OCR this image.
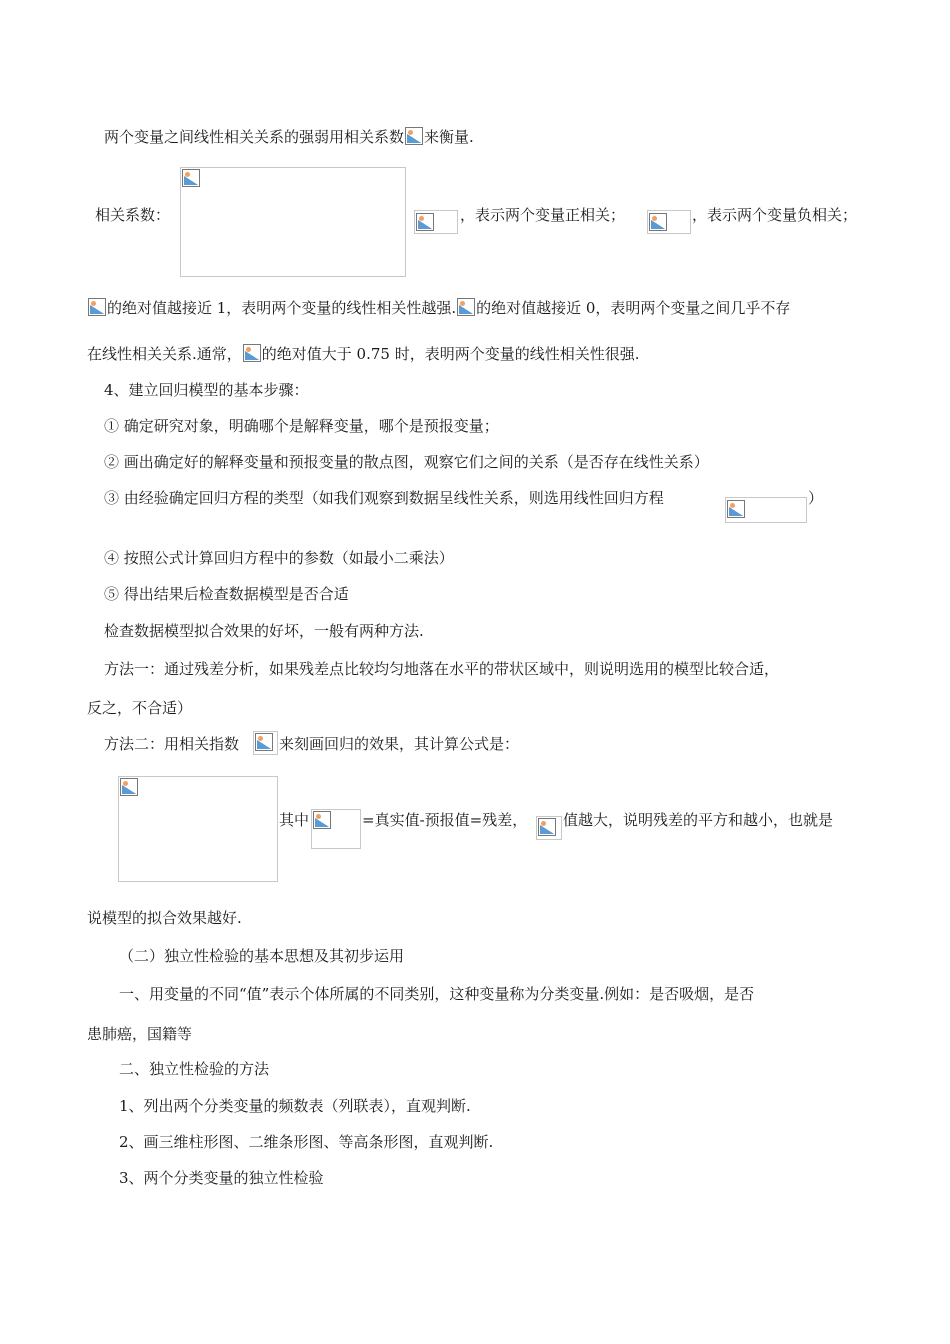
两个变量之间线性相关关系的强弱用相关系数 来衡量.
相关系数：	，表示两个变量正相关；	，表示两个变量负相关；
的绝对值越接近 1，表明两个变量的线性相关性越强. 的绝对值越接近 0，表明两个变量之间几乎不存
在线性相关关系.通常， 的绝对值大于 0.75 时，表明两个变量的线性相关性很强.
4、建立回归模型的基本步骤：
① 确定研究对象，明确哪个是解释变量，哪个是预报变量；
② 画出确定好的解释变量和预报变量的散点图，观察它们之间的关系（是否存在线性关系）
③ 由经验确定回归方程的类型（如我们观察到数据呈线性关系，则选用线性回归方程	）
④ 按照公式计算回归方程中的参数（如最小二乘法）
⑤ 得出结果后检查数据模型是否合适
检查数据模型拟合效果的好坏，一般有两种方法.
方法一：通过残差分析，如果残差点比较均匀地落在水平的带状区域中，则说明选用的模型比较合适，
反之，不合适）
方法二：用相关指数	来刻画回归的效果，其计算公式是：
其中	=真实值-预报值=残差， 值越大，说明残差的平方和越小，也就是
说模型的拟合效果越好.
（二）独立性检验的基本思想及其初步运用
一、用变量的不同“值”表示个体所属的不同类别，这种变量称为分类变量.例如：是否吸烟，是否
患肺癌，国籍等
二、独立性检验的方法
1、列出两个分类变量的频数表（列联表），直观判断.
2、画三维柱形图、二维条形图、等高条形图，直观判断.
3、两个分类变量的独立性检验
